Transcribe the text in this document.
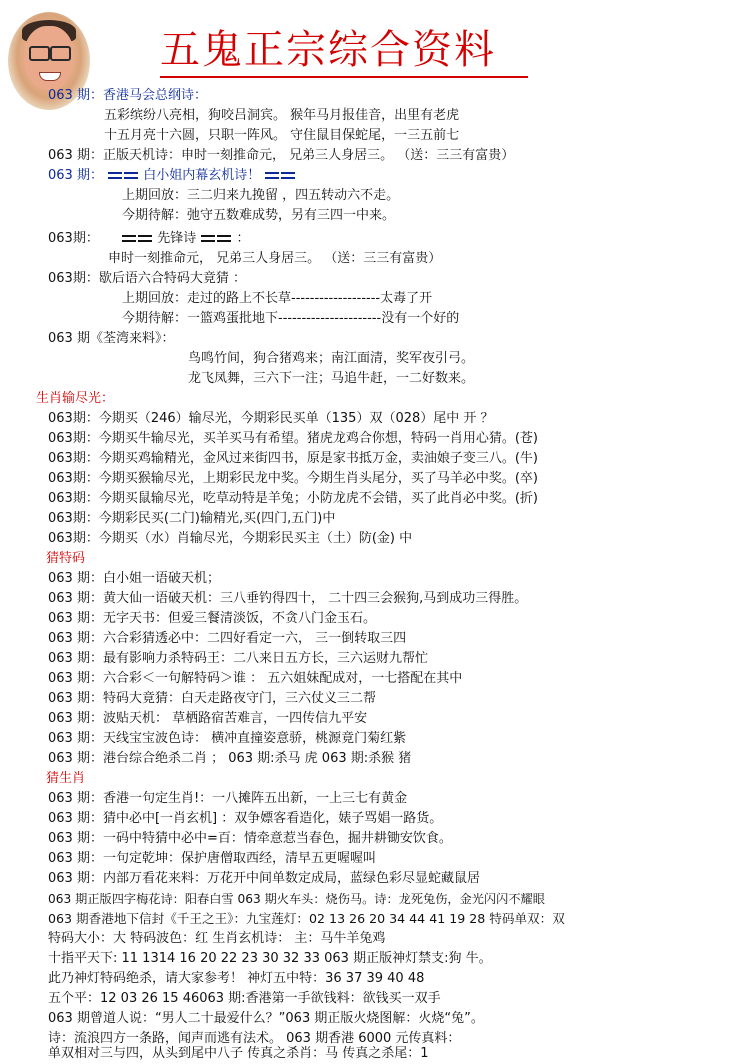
五鬼正宗综合资料
063 期：香港马会总纲诗：
五彩缤纷八亮相，狗咬吕洞宾。 猴年马月报佳音，出里有老虎
十五月亮十六圆，只职一阵风。 守住鼠目保蛇尾，一三五前七
063 期：正版天机诗：申时一刻推命元， 兄弟三人身居三。 （送：三三有富贵）
063 期：	白小姐内幕玄机诗！
上期回放：三二归来九挽留 ，四五转动六不走。
今期待解：弛守五数难成势，另有三四一中来。
063期：	先锋诗	：
申时一刻推命元， 兄弟三人身居三。 （送：三三有富贵）
063期：歇后语六合特码大竟猜 ：
上期回放：走过的路上不长草-------------------太毒了开
今期待解：一篮鸡蛋批地下----------------------没有一个好的
063 期《荃湾来料》：
鸟鸣竹间，狗合猪鸡来；南江面清，奖军夜引弓。
龙飞凤舞，三六下一注；马追牛赶，一二好数来。
生肖输尽光：
063期：今期买（246）输尽光，今期彩民买单（135）双（028）尾中 开 ？
063期：今期买牛输尽光，买羊买马有希望。猪虎龙鸡合你想，特码一肖用心猜。(苍)
063期：今期买鸡输精光，金风过来街四书，原是家书抵万金，卖油娘子变三八。(牛)
063期：今期买猴输尽光，上期彩民龙中奖。今期生肖头尾分，买了马羊必中奖。(卒)
063期：今期买鼠输尽光，吃草动特是羊兔；小防龙虎不会错，买了此肖必中奖。(折)
063期：今期彩民买(二门)输精光,买(四门,五门)中
063期：今期买（水）肖输尽光，今期彩民买主（土）防(金) 中
猜特码
063 期：白小姐一语破天机；
063 期：黄大仙一语破天机：三八垂钓得四十， 二十四三会猴狗,马到成功三得胜。
063 期：无字天书：但爱三餐清淡饭，不贪八门金玉石。
063 期：六合彩猜透必中：二四好看定一六， 三一倒转取三四
063 期：最有影响力杀特码王：二八来日五方长，三六运财九帮忙
063 期：六合彩＜一句解特码＞谁 ： 五六姐妹配成对，一七搭配在其中
063 期：特码大竟猜：白天走路夜守门，三六仗义三二帮
063 期：波贴天机： 草栖路宿苦难言，一四传信九平安
063 期：天线宝宝波色诗： 横冲直撞姿意骄，桃源竟门菊红紫
063 期：港台综合绝杀二肖 ； 063 期:杀马 虎 063 期:杀猴 猪
猜生肖
063 期：香港一句定生肖!：一八摊阵五出新，一上三七有黄金
063 期：猜中必中[一肖玄机] ：双争嫖客看造化，婊子骂娼一路货。
063 期：一码中特猜中必中=百：情牵意惹当春色，掘井耕锄安饮食。
063 期：一句定乾坤：保护唐僧取西经，清早五更喔喔叫
063 期：内部万看花来料：万花开中间单数定成局，蓝绿色彩尽显蛇藏鼠居
063 期正版四字梅花诗：阳春白雪 063 期火车头：烧伤马。诗：龙死兔伤，金光闪闪不耀眼
063 期香港地下信封《千王之王》：九宝莲灯：02 13 26 20 34 44 41 19 28 特码单双：双
特码大小：大 特码波色：红 生肖玄机诗： 主：马牛羊兔鸡
十指平天下: 11 1314 16 20 22 23 30 32 33 063 期正版神灯禁支:狗 牛。
此乃神灯特码绝杀，请大家参考！ 神灯五中特：36 37 39 40 48
五个平：12 03 26 15 46063 期:香港第一手欲钱料：欲钱买一双手
063 期曾道人说：“男人二十最爱什么？”063 期正版火烧图解：火烧“兔”。
诗：流浪四方一条路，闻声而逃有法术。 063 期香港 6000 元传真料：
单双相对三与四，从头到尾中八子 传真之杀肖：马 传真之杀尾：1
